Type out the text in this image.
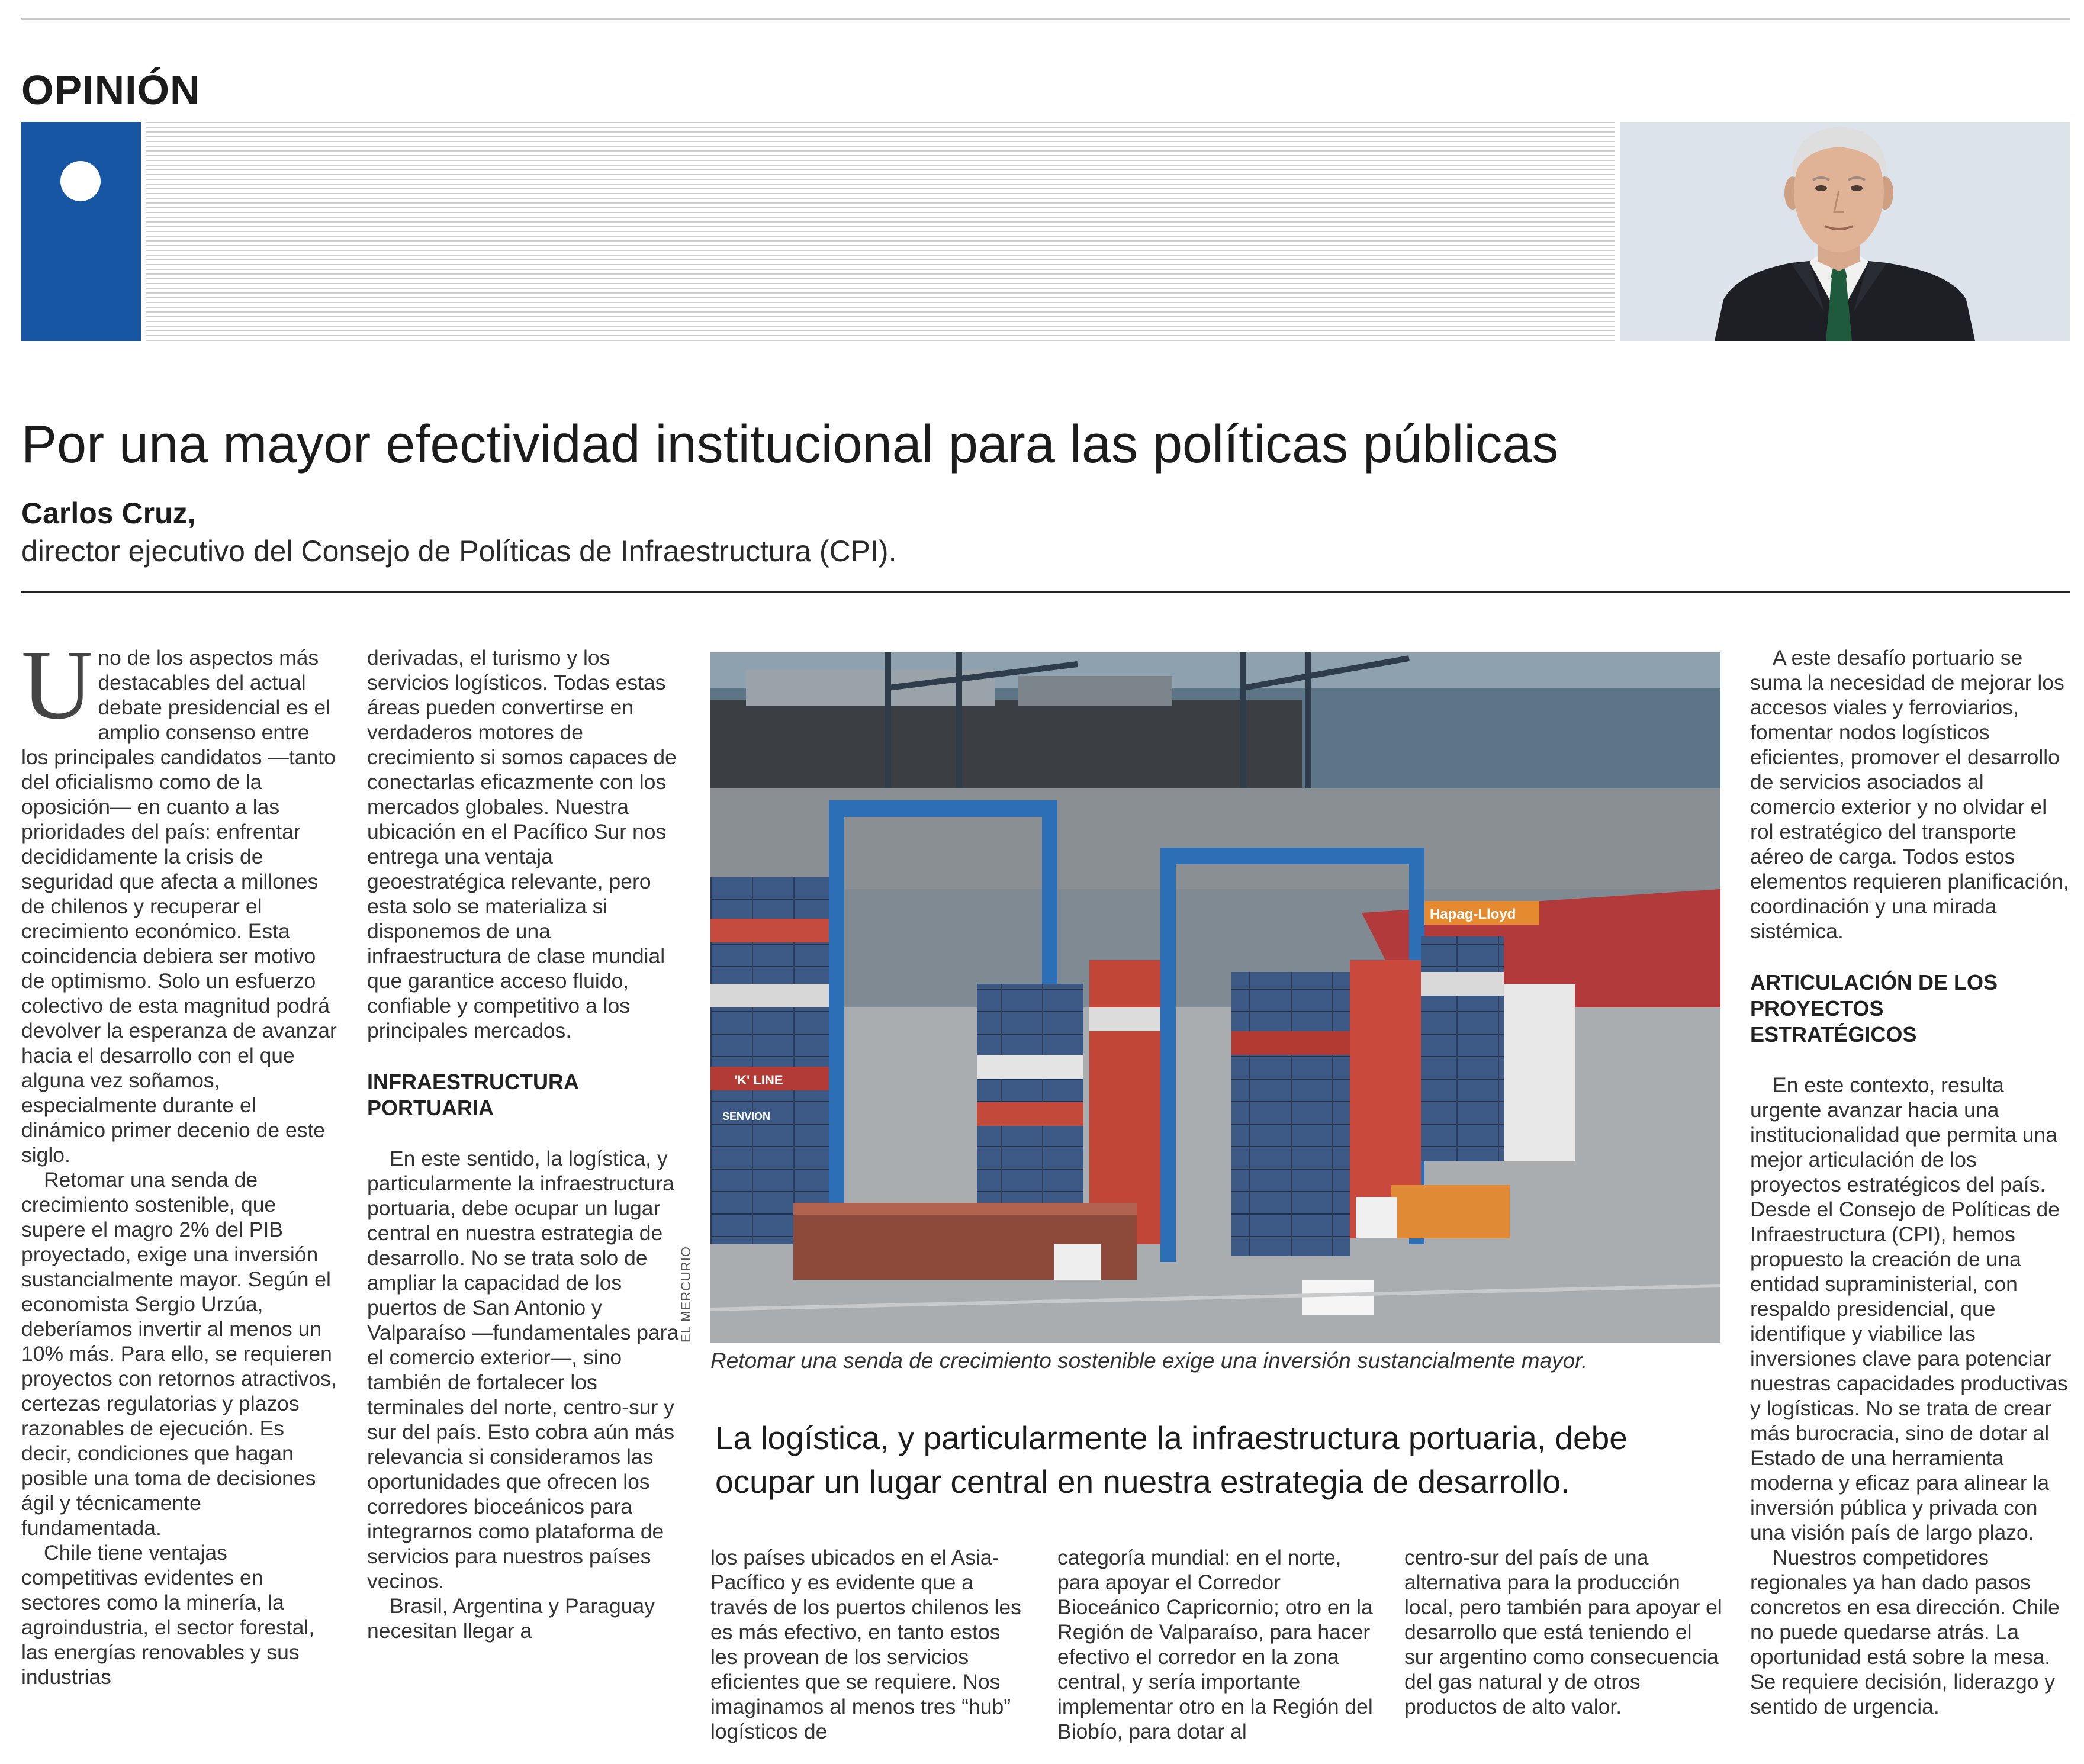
OPINIÓN
Por una mayor efectividad institucional para las políticas públicas
Carlos Cruz,
director ejecutivo del Consejo de Políticas de Infraestructura (CPI).

Uno de los aspectos más destacables del actual debate presidencial es el amplio consenso entre los principales candidatos —tanto del oficialismo como de la oposición— en cuanto a las prioridades del país: enfrentar decididamente la crisis de seguridad que afecta a millones de chilenos y recuperar el crecimiento económico. Esta coincidencia debiera ser motivo de optimismo. Solo un esfuerzo colectivo de esta magnitud podrá devolver la esperanza de avanzar hacia el desarrollo con el que alguna vez soñamos, especialmente durante el dinámico primer decenio de este siglo.

Retomar una senda de crecimiento sostenible, que supere el magro 2% del PIB proyectado, exige una inversión sustancialmente mayor. Según el economista Sergio Urzúa, deberíamos invertir al menos un 10% más. Para ello, se requieren proyectos con retornos atractivos, certezas regulatorias y plazos razonables de ejecución. Es decir, condiciones que hagan posible una toma de decisiones ágil y técnicamente fundamentada.

Chile tiene ventajas competitivas evidentes en sectores como la minería, la agroindustria, el sector forestal, las energías renovables y sus industrias

derivadas, el turismo y los servicios logísticos. Todas estas áreas pueden convertirse en verdaderos motores de crecimiento si somos capaces de conectarlas eficazmente con los mercados globales. Nuestra ubicación en el Pacífico Sur nos entrega una ventaja geoestratégica relevante, pero esta solo se materializa si disponemos de una infraestructura de clase mundial que garantice acceso fluido, confiable y competitivo a los principales mercados.

INFRAESTRUCTURA PORTUARIA

En este sentido, la logística, y particularmente la infraestructura portuaria, debe ocupar un lugar central en nuestra estrategia de desarrollo. No se trata solo de ampliar la capacidad de los puertos de San Antonio y Valparaíso —fundamentales para el comercio exterior—, sino también de fortalecer los terminales del norte, centro-sur y sur del país. Esto cobra aún más relevancia si consideramos las oportunidades que ofrecen los corredores bioceánicos para integrarnos como plataforma de servicios para nuestros países vecinos.

Brasil, Argentina y Paraguay necesitan llegar a

Hapag-Lloyd
'K' LINE
SENVION
EL MERCURIO
Retomar una senda de crecimiento sostenible exige una inversión sustancialmente mayor.
La logística, y particularmente la infraestructura portuaria, debe ocupar un lugar central en nuestra estrategia de desarrollo.

los países ubicados en el Asia-Pacífico y es evidente que a través de los puertos chilenos les es más efectivo, en tanto estos les provean de los servicios eficientes que se requiere. Nos imaginamos al menos tres “hub” logísticos de

categoría mundial: en el norte, para apoyar el Corredor Bioceánico Capricornio; otro en la Región de Valparaíso, para hacer efectivo el corredor en la zona central, y sería importante implementar otro en la Región del Biobío, para dotar al

centro-sur del país de una alternativa para la producción local, pero también para apoyar el desarrollo que está teniendo el sur argentino como consecuencia del gas natural y de otros productos de alto valor.

A este desafío portuario se suma la necesidad de mejorar los accesos viales y ferroviarios, fomentar nodos logísticos eficientes, promover el desarrollo de servicios asociados al comercio exterior y no olvidar el rol estratégico del transporte aéreo de carga. Todos estos elementos requieren planificación, coordinación y una mirada sistémica.

ARTICULACIÓN DE LOS PROYECTOS ESTRATÉGICOS

En este contexto, resulta urgente avanzar hacia una institucionalidad que permita una mejor articulación de los proyectos estratégicos del país. Desde el Consejo de Políticas de Infraestructura (CPI), hemos propuesto la creación de una entidad supraministerial, con respaldo presidencial, que identifique y viabilice las inversiones clave para potenciar nuestras capacidades productivas y logísticas. No se trata de crear más burocracia, sino de dotar al Estado de una herramienta moderna y eficaz para alinear la inversión pública y privada con una visión país de largo plazo.

Nuestros competidores regionales ya han dado pasos concretos en esa dirección. Chile no puede quedarse atrás. La oportunidad está sobre la mesa. Se requiere decisión, liderazgo y sentido de urgencia.
